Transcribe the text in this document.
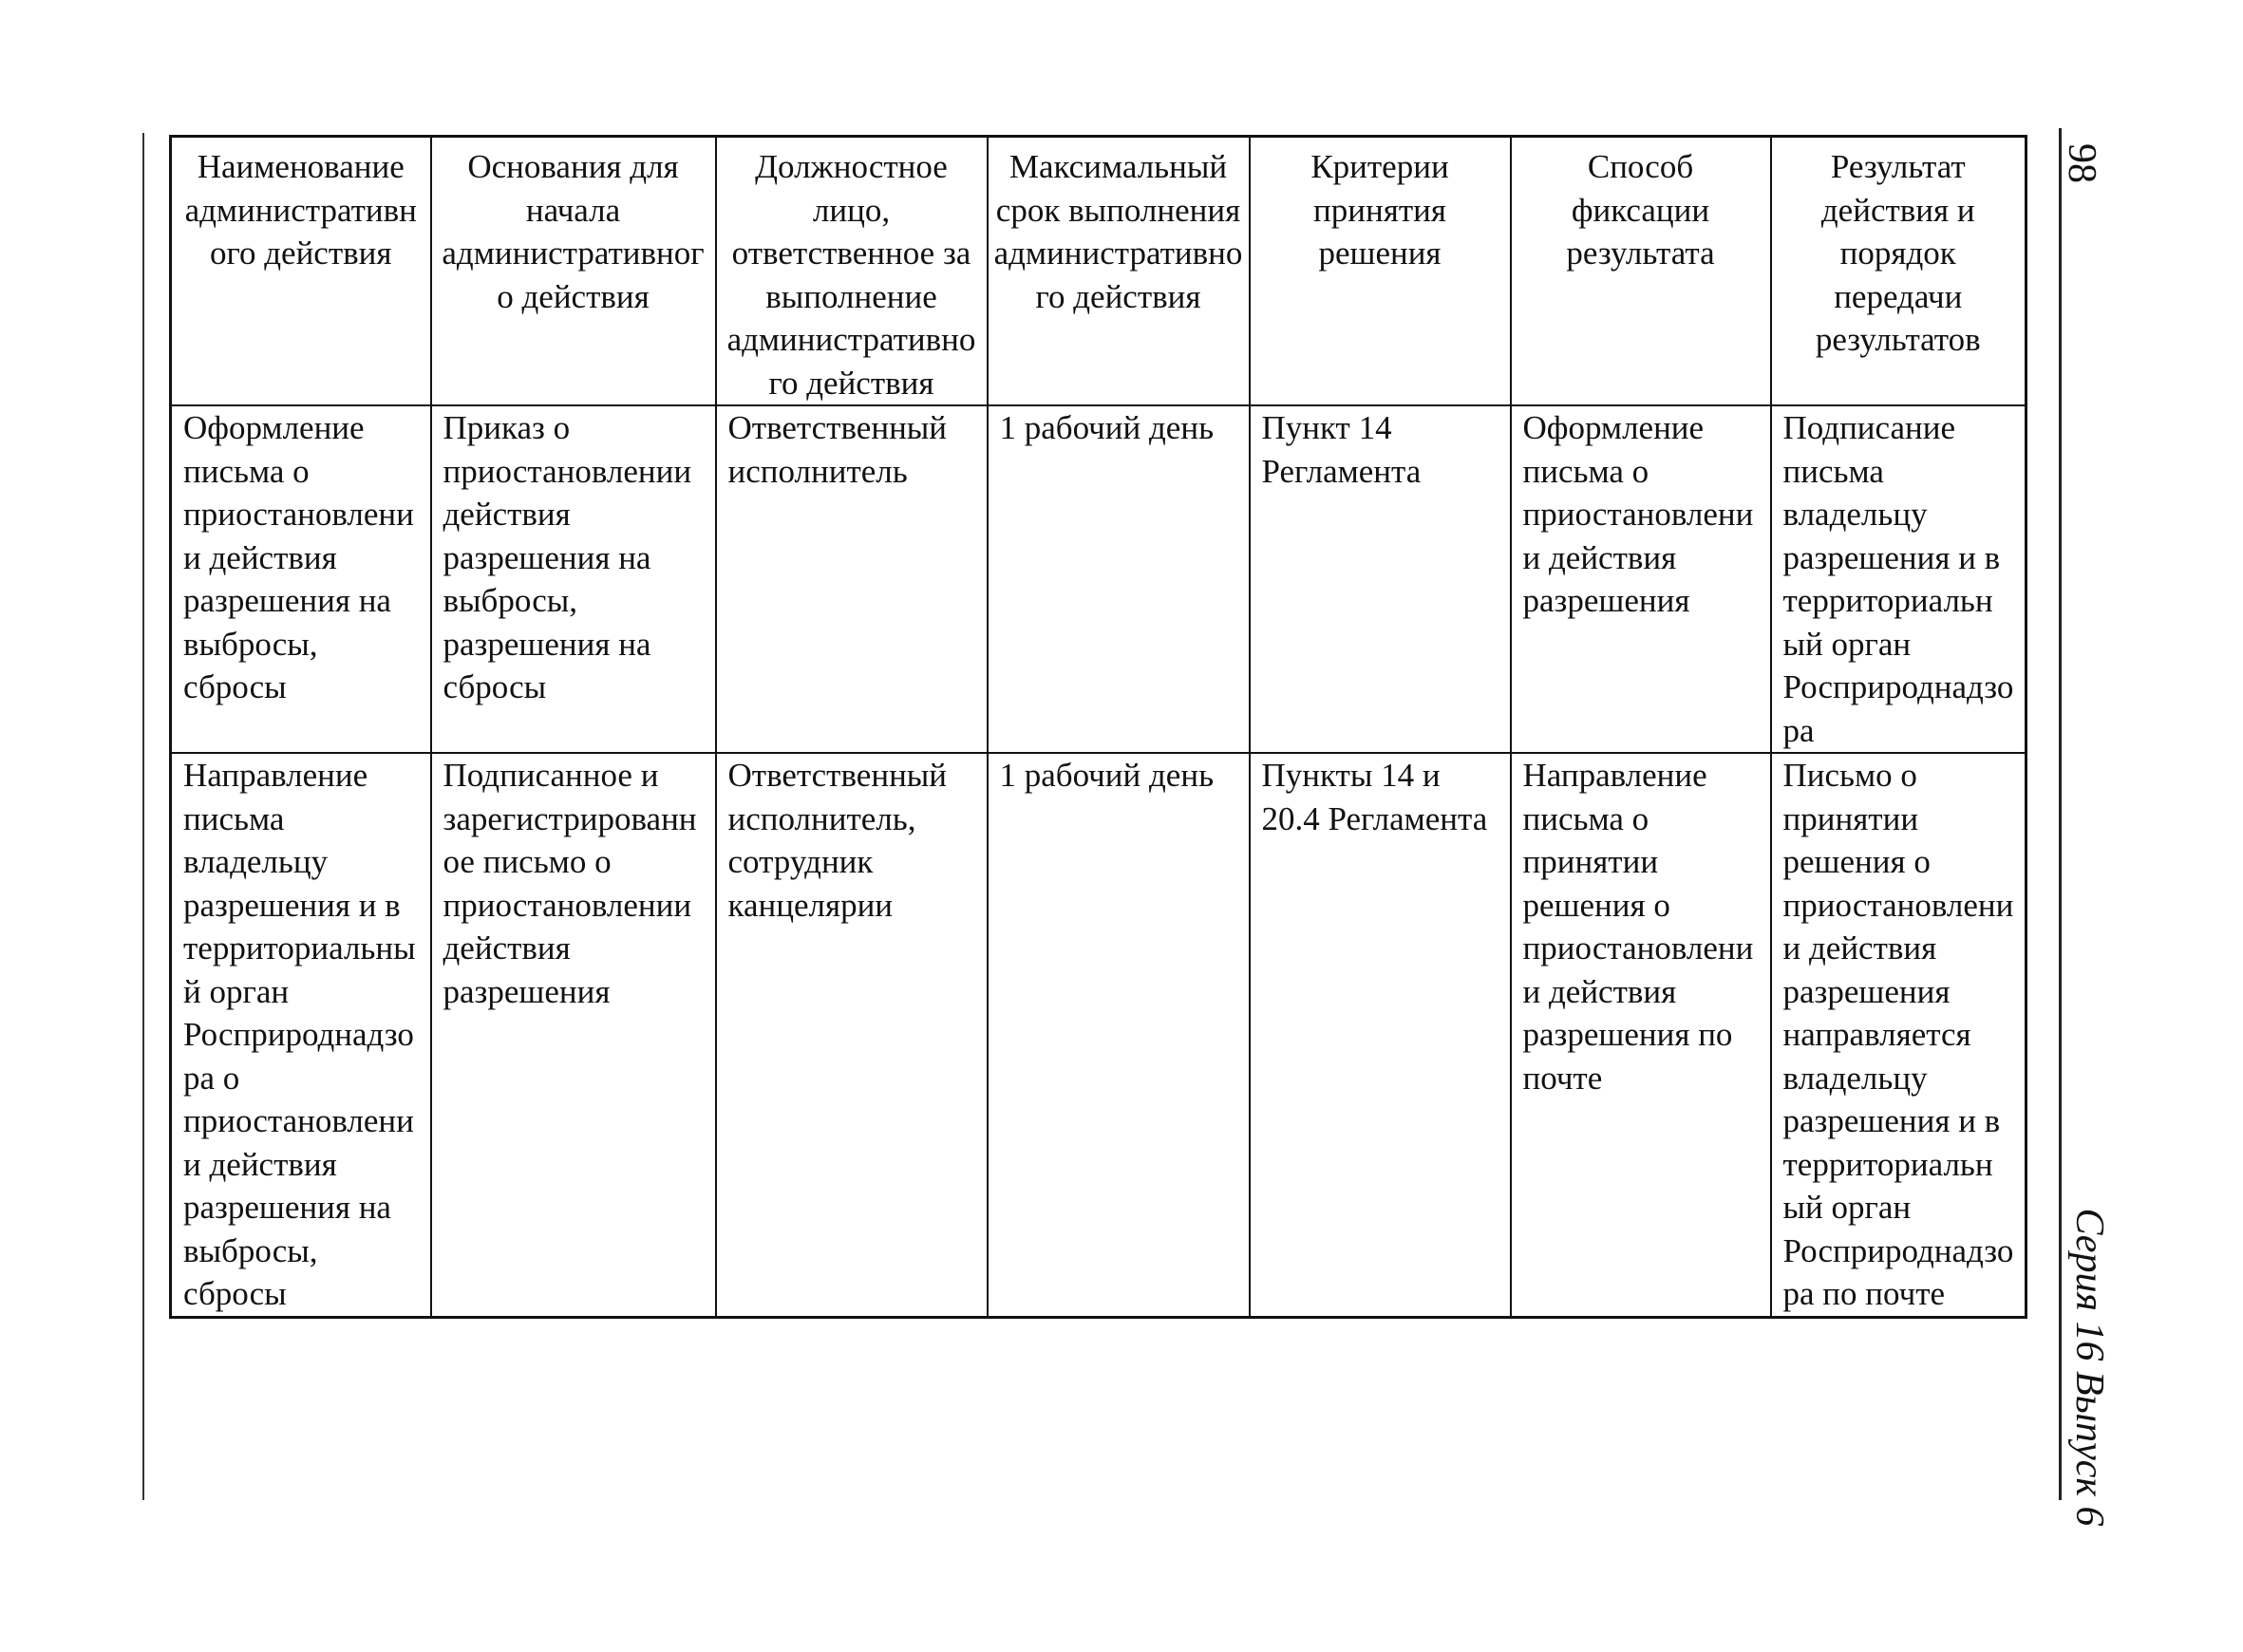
98
Серия 16 Выпуск 6
Наименование административного действия	Основания для начала административного действия	Должностное лицо, ответственное за выполнение административного действия	Максимальный срок выполнения административного действия	Критерии принятия решения	Способ фиксации результата	Результат действия и порядок передачи результатов
Оформление письма о приостановлении действия разрешения на выбросы, сбросы	Приказ о приостановлении действия разрешения на выбросы, разрешения на сбросы	Ответственный исполнитель	1 рабочий день	Пункт 14 Регламента	Оформление письма о приостановлении действия разрешения	Подписание письма владельцу разрешения и в территориальный орган Росприроднадзора
Направление письма владельцу разрешения и в территориальный орган Росприроднадзора о приостановлении действия разрешения на выбросы, сбросы	Подписанное и зарегистрированное письмо о приостановлении действия разрешения	Ответственный исполнитель, сотрудник канцелярии	1 рабочий день	Пункты 14 и 20.4 Регламента	Направление письма о принятии решения о приостановлении действия разрешения по почте	Письмо о принятии решения о приостановлении действия разрешения направляется владельцу разрешения и в территориальный орган Росприроднадзора по почте
